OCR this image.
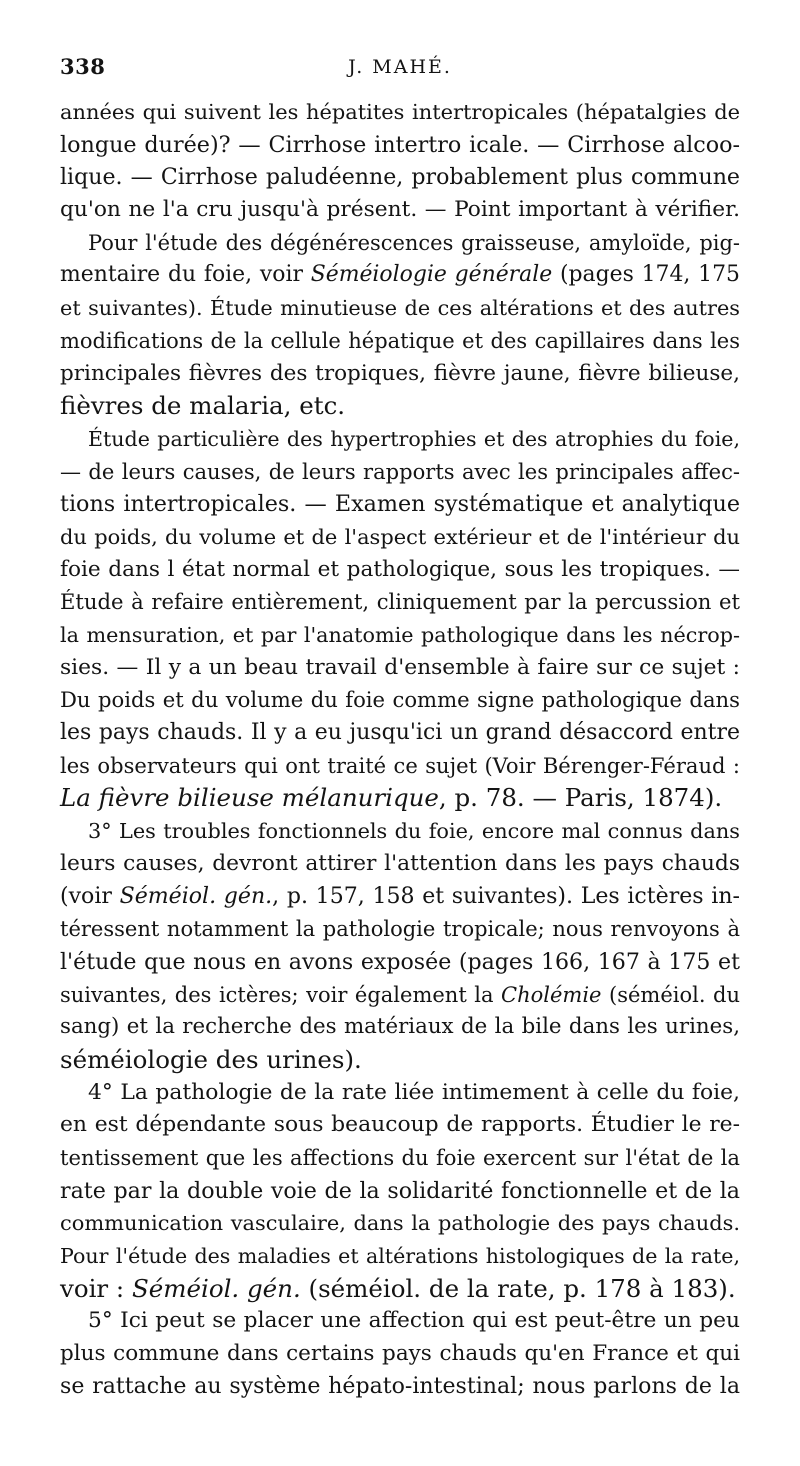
338	J. MAHÉ.
années qui suivent les hépatites intertropicales (hépatalgies de
longue durée)? — Cirrhose intertro icale. — Cirrhose alcoo-
lique. — Cirrhose paludéenne, probablement plus commune
qu'on ne l'a cru jusqu'à présent. — Point important à vérifier.
Pour l'étude des dégénérescences graisseuse, amyloïde, pig-
mentaire du foie, voir Séméiologie générale (pages 174, 175
et suivantes). Étude minutieuse de ces altérations et des autres
modifications de la cellule hépatique et des capillaires dans les
principales fièvres des tropiques, fièvre jaune, fièvre bilieuse,
fièvres de malaria, etc.
Étude particulière des hypertrophies et des atrophies du foie,
— de leurs causes, de leurs rapports avec les principales affec-
tions intertropicales. — Examen systématique et analytique
du poids, du volume et de l'aspect extérieur et de l'intérieur du
foie dans l état normal et pathologique, sous les tropiques. —
Étude à refaire entièrement, cliniquement par la percussion et
la mensuration, et par l'anatomie pathologique dans les nécrop-
sies. — Il y a un beau travail d'ensemble à faire sur ce sujet :
Du poids et du volume du foie comme signe pathologique dans
les pays chauds. Il y a eu jusqu'ici un grand désaccord entre
les observateurs qui ont traité ce sujet (Voir Bérenger-Féraud :
La fièvre bilieuse mélanurique, p. 78. — Paris, 1874).
3° Les troubles fonctionnels du foie, encore mal connus dans
leurs causes, devront attirer l'attention dans les pays chauds
(voir Séméiol. gén., p. 157, 158 et suivantes). Les ictères in-
téressent notamment la pathologie tropicale; nous renvoyons à
l'étude que nous en avons exposée (pages 166, 167 à 175 et
suivantes, des ictères; voir également la Cholémie (séméiol. du
sang) et la recherche des matériaux de la bile dans les urines,
séméiologie des urines).
4° La pathologie de la rate liée intimement à celle du foie,
en est dépendante sous beaucoup de rapports. Étudier le re-
tentissement que les affections du foie exercent sur l'état de la
rate par la double voie de la solidarité fonctionnelle et de la
communication vasculaire, dans la pathologie des pays chauds.
Pour l'étude des maladies et altérations histologiques de la rate,
voir : Séméiol. gén. (séméiol. de la rate, p. 178 à 183).
5° Ici peut se placer une affection qui est peut-être un peu
plus commune dans certains pays chauds qu'en France et qui
se rattache au système hépato-intestinal; nous parlons de la
